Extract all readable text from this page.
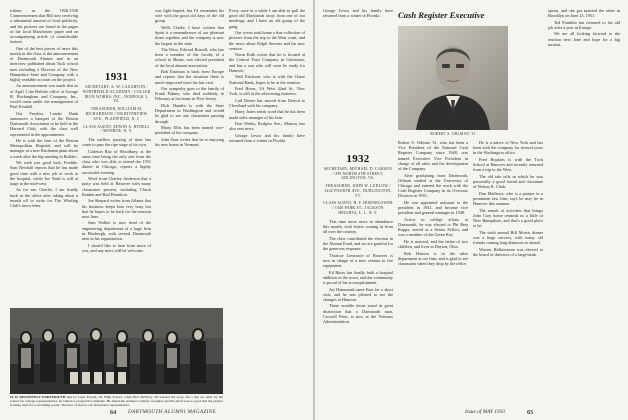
tribute, as the 1926-1930 Commencement that Bill now receiving a substantial amount of local publicity, and his pictures are found in the pages of the local Manchester paper and an accompanying article of considerable feature.

One of the best pieces of news this month in the class is the announcement of Dartmouth Alumni and in an interview published about Tuck school men including a Director of the New Hampshire State and Company with a highly readable account on the project.

An announcement was made that as of April 1 the Buffalo office of George B. Buckingham and Company, Inc., would come under the management of Paul Kendall.

Our Fearless Leader Hank announces a banquet of the Boston Dartmouth Association to be held at the Harvard Club, with the class well represented in the appointments.

He is with the firm of the Boston Metropolitan Hospital, and will be manager at a new Buchanan plant about a week after the big meeting in Buffalo.

We wish you good luck, Freddie. Sam Newhall reports that he has made good time with a new job of work at the hospital, while Joe Nash is still at large in the mid-west.

As for me, Charlie, I am finally back in the office after taking about a month off to write for The Whaling Club's news letter.

1931
SECRETARY, A. W. LAUGHTON / NORTHFIELD ACADEMY / COLLER IRON WORKS, INC., NORFOLK 3, VA.
TREASURER, WILLIAM M. RICHARDSON / 590 RIVERVIEW AVE., PLAINFIELD, N. J.
CLASS AGENT, EDWIN A. RYDELL / MONROE, N. Y.

The mellow passing of time has come to pass the ripe stage of its own.

Carleton Ray of Woodbury, at the same time being the only one from the class who was able to attend the 1931 dinner in Chicago, reports a highly successful evening.

Word from Charley Anderson that a party was held at Hanover with many classmates present, including Chuck Rankin and Bud Hamilton.

Joe Shepard writes from Atlanta that his business keeps him very busy but that he hopes to be back for the reunion next June.

Sam Walker is now head of the engineering department of a large firm in Pittsburgh, with several Dartmouth men in his organization.

I should like to hear from more of you, and any news will be welcome.

was light-hapted, but I'd remember his wife with the good old days of the old group.

Wells Clarke, I have written that Spirit it a remembrance of our pleasant times together, and the company is now the largest in the state.

The Wars, Edward Russell, who has been a member of the faculty of a school in Maine, was elected president of the local alumni association.

Bob Eastman is back from Europe and reports that the situation there is much improved since his last visit.

Our sympathy goes to the family of Frank Palmer, who died suddenly in February at his home in New Jersey.

Dick Hamlin is with the State Department in Washington and would be glad to see any classmates passing through.

Marty Ellis has been named vice-president of his company.

John Starr writes that he is enjoying his new home in Vermont.

Every once in a while I am able to pull the good old Marylands away from one of our meetings, and I have an old group of the gang.

Our wives took home a fine collection of pictures from the trip to the West coast, and the news about Ralph Stevens and his new venture.

Norm Kalb writes that he is located at the Central Trust Company in Cincinnati, and has a son who will soon be ready for Hanover.

Walt Erickson, who is with the Chase National Bank, hopes to be at the reunion.

Fred Heinz, 3A West 42nd St., New York, is still in the advertising business.

Carl Deeter has moved from Detroit to Cleveland with his company.

Harry Jones sends word that he has been made sales manager of his firm.

Don Weeks, Rodgers Ave., Marion, has also sent news.

George Lewis and his family have returned from a winter in Florida.

IT IS DEFINITELY DARTMOUTH that is! Luke Fanom, III, High School, when Bob McElroy '50 learned the story. On a day set aside by the school for college representatives, he talked to prospective students. He found the audience entirely receptive and his pitch was so good that the picture is being used for a recruiting poster. The best of luck to our brand-new representative.
64 DARTMOUTH ALUMNI MAGAZINE

George Lewis and his family have returned from a winter in Florida.

1932
SECRETARY, MICHAEL D. CARSON / 299 NORTH 4TH STREET, ARLINGTON, VA.
TREASURER, JOHN W. LUDLOW / 1432 FOURTH AVE., BURLINGTON, VT.
CLASS AGENT, H. F. HORNBLOWER / 1540 PARK ST., JACKSON HEIGHTS, L. I., N. Y.

This time more news in abundance this month, with letters coming in from all over the country.

The class contributed the election in the Alumni Fund, and we are grateful for the generous response.

Thurlow Lieurance of Hanover is now in charge of a new venture in fire equipment.

Ed Ritter has finally built a hospital addition in the town, and the community is proud of his accomplishment.

Art Hammond came East for a short visit, and he was pleased to see the changes at Hanover.

These notable items stand in great distinction that a Dartmouth man, Crowell Peter, is now at the Veterans Administration.

Robert S. Orlman '31, who has been a Vice President of the National Cash Register Company since 1948, was named Executive Vice President in charge of all sales and the development of the Company.

After graduating from Dartmouth, Orlman studied at the University of Chicago and entered the work with the Cash Register Company in its Overseas Division in 1935.

He was appointed assistant to the president in 1941, and became vice president and general manager in 1948.

Active in college affairs at Dartmouth, he was elected to Phi Beta Kappa, served as a Senior Fellow, and was a member of the Green Key.

He is married, and the father of two children, and lives in Dayton, Ohio.

Bob Hansen is in the sales department at our firm, and is glad to see classmates when they drop by the office.

He is a native of New York and has been with the company for several years in the Washington office.

Fred Hopkins is with the Tuck School at Hanover and recently returned from a trip to the West.

The old tale tells in which he was personally a good friend and classmate of Nelson K. Clark.

Dan Mathews, who is a partner in a prominent law firm, says he may be in Hanover this summer.

The annals of activities that brings John Cary home reminds us a little of New Hampshire, and that's a good place to be.

The sixth annual Bill Morris dinner was a huge success, with many old friends coming long distances to attend.

Warren Halberstrom was elected to the board of directors of a large bank.

spoon, and she got married the other in Brooklyn on June 23, 1951.

Ted Franklin has returned to his old job after a year in Europe.

We are all looking forward to the reunion next June and hope for a big turnout.

Cash Register Executive
ROBERT S. ORLMAN '31
Issue of MAY 1950	65
